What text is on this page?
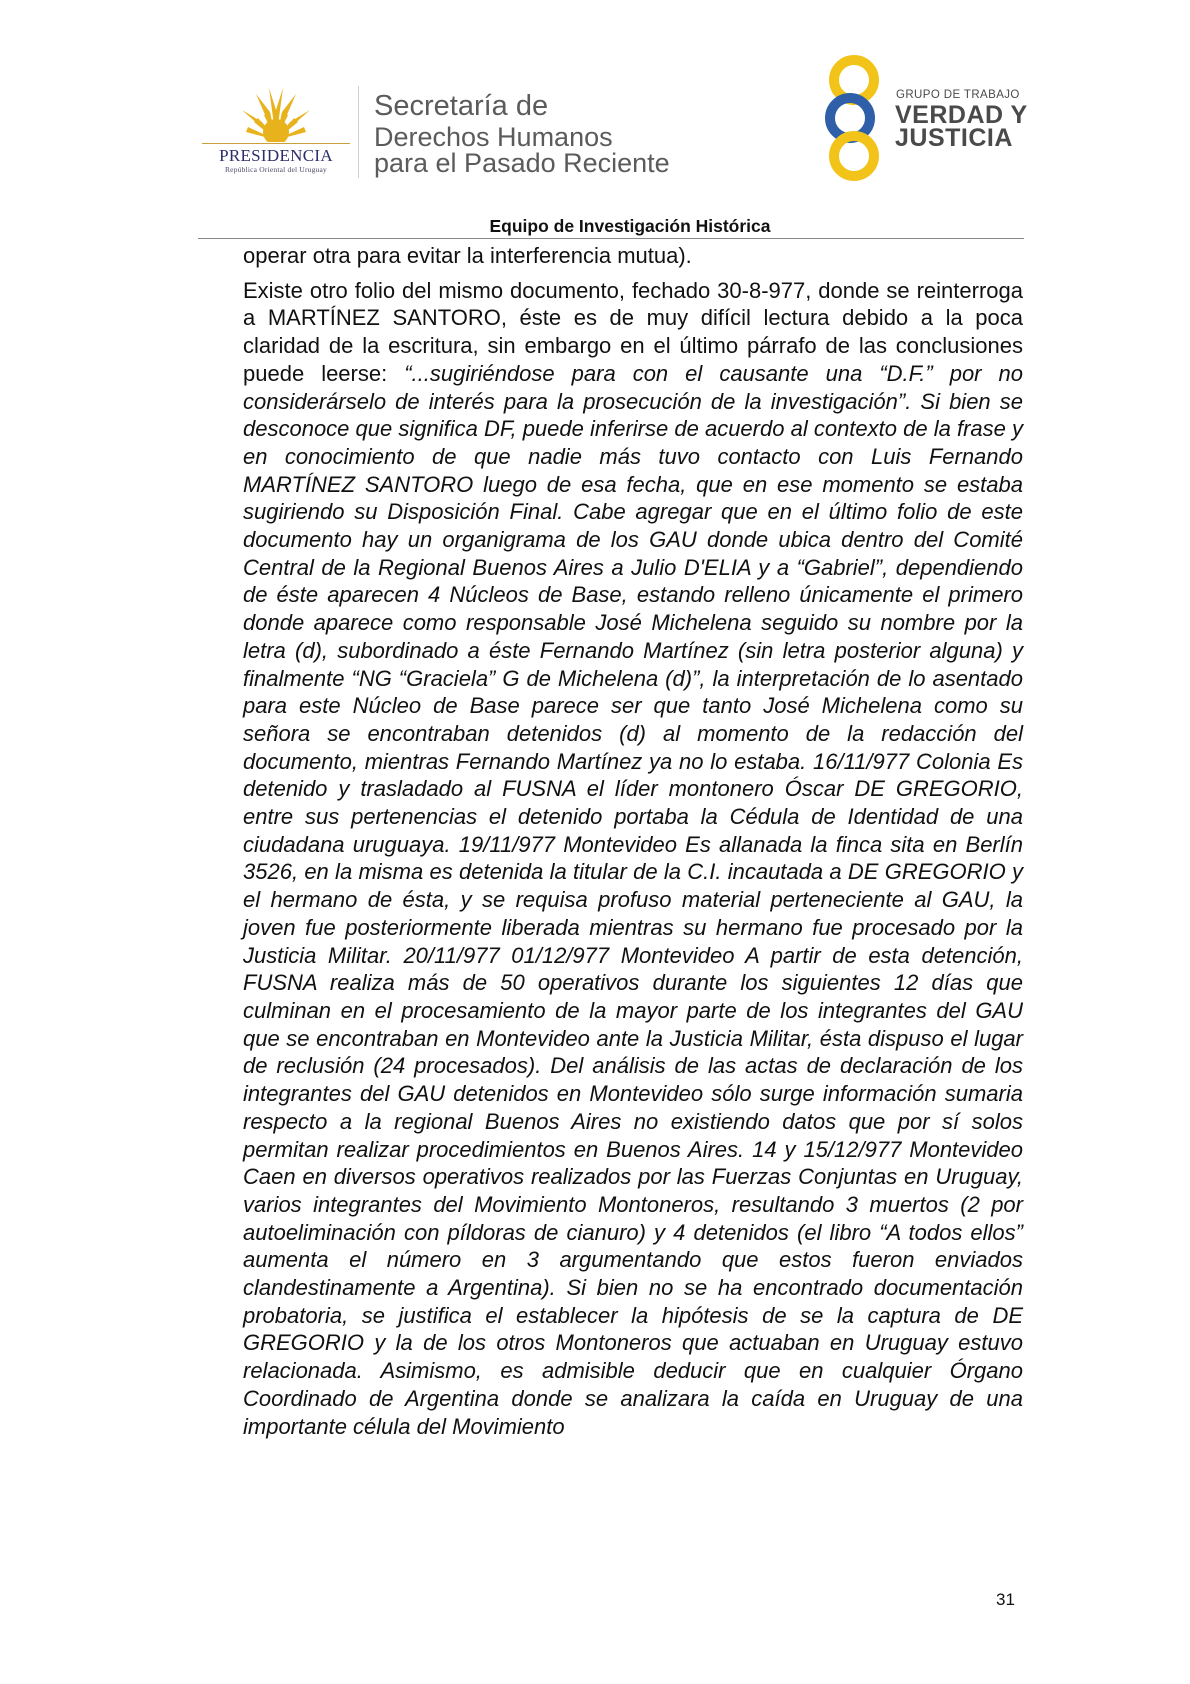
PRESIDENCIA
República Oriental del Uruguay
Secretaría de
Derechos Humanos
para el Pasado Reciente
GRUPO DE TRABAJO
VERDAD Y
JUSTICIA
Equipo de Investigación Histórica

operar otra para evitar la interferencia mutua).

Existe otro folio del mismo documento, fechado 30-8-977, donde se reinterroga a MARTÍNEZ SANTORO, éste es de muy difícil lectura debido a la poca claridad de la escritura, sin embargo en el último párrafo de las conclusiones puede leerse: “...sugiriéndose para con el causante una “D.F.” por no considerárselo de interés para la prosecución de la investigación”. Si bien se desconoce que significa DF, puede inferirse de acuerdo al contexto de la frase y en conocimiento de que nadie más tuvo contacto con Luis Fernando MARTÍNEZ SANTORO luego de esa fecha, que en ese momento se estaba sugiriendo su Disposición Final. Cabe agregar que en el último folio de este documento hay un organigrama de los GAU donde ubica dentro del Comité Central de la Regional Buenos Aires a Julio D'ELIA y a “Gabriel”, dependiendo de éste aparecen 4 Núcleos de Base, estando relleno únicamente el primero donde aparece como responsable José Michelena seguido su nombre por la letra (d), subordinado a éste Fernando Martínez (sin letra posterior alguna) y finalmente “NG “Graciela” G de Michelena (d)”, la interpretación de lo asentado para este Núcleo de Base parece ser que tanto José Michelena como su señora se encontraban detenidos (d) al momento de la redacción del documento, mientras Fernando Martínez ya no lo estaba. 16/11/977 Colonia Es detenido y trasladado al FUSNA el líder montonero Óscar DE GREGORIO, entre sus pertenencias el detenido portaba la Cédula de Identidad de una ciudadana uruguaya. 19/11/977 Montevideo Es allanada la finca sita en Berlín 3526, en la misma es detenida la titular de la C.I. incautada a DE GREGORIO y el hermano de ésta, y se requisa profuso material perteneciente al GAU, la joven fue posteriormente liberada mientras su hermano fue procesado por la Justicia Militar. 20/11/977 01/12/977 Montevideo A partir de esta detención, FUSNA realiza más de 50 operativos durante los siguientes 12 días que culminan en el procesamiento de la mayor parte de los integrantes del GAU que se encontraban en Montevideo ante la Justicia Militar, ésta dispuso el lugar de reclusión (24 procesados). Del análisis de las actas de declaración de los integrantes del GAU detenidos en Montevideo sólo surge información sumaria respecto a la regional Buenos Aires no existiendo datos que por sí solos permitan realizar procedimientos en Buenos Aires. 14 y 15/12/977 Montevideo Caen en diversos operativos realizados por las Fuerzas Conjuntas en Uruguay, varios integrantes del Movimiento Montoneros, resultando 3 muertos (2 por autoeliminación con píldoras de cianuro) y 4 detenidos (el libro “A todos ellos” aumenta el número en 3 argumentando que estos fueron enviados clandestinamente a Argentina). Si bien no se ha encontrado documentación probatoria, se justifica el establecer la hipótesis de se la captura de DE GREGORIO y la de los otros Montoneros que actuaban en Uruguay estuvo relacionada. Asimismo, es admisible deducir que en cualquier Órgano Coordinado de Argentina donde se analizara la caída en Uruguay de una importante célula del Movimiento

31
